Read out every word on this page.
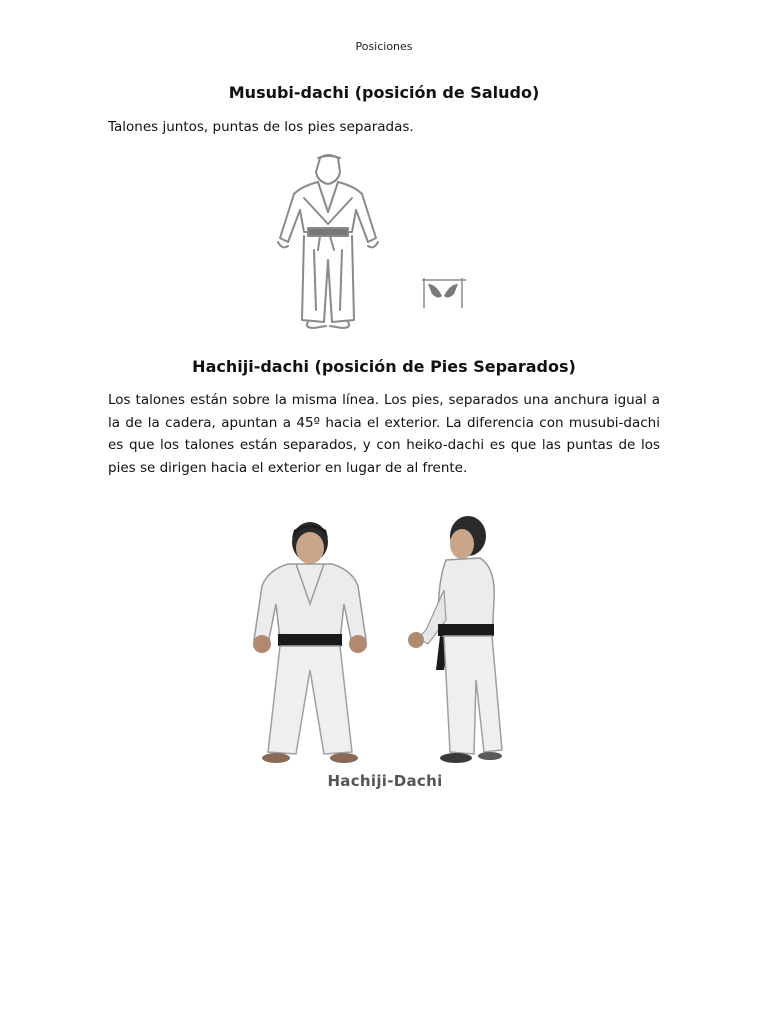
Posiciones
Musubi-dachi (posición de Saludo)
Talones juntos, puntas de los pies separadas.
Hachiji-dachi (posición de Pies Separados)
Los talones están sobre la misma línea. Los pies, separados una anchura igual a la de la cadera, apuntan a 45º hacia el exterior. La diferencia con musubi-dachi es que los talones están separados, y con heiko-dachi es que las puntas de los pies se dirigen hacia el exterior en lugar de al frente.
Hachiji-Dachi
